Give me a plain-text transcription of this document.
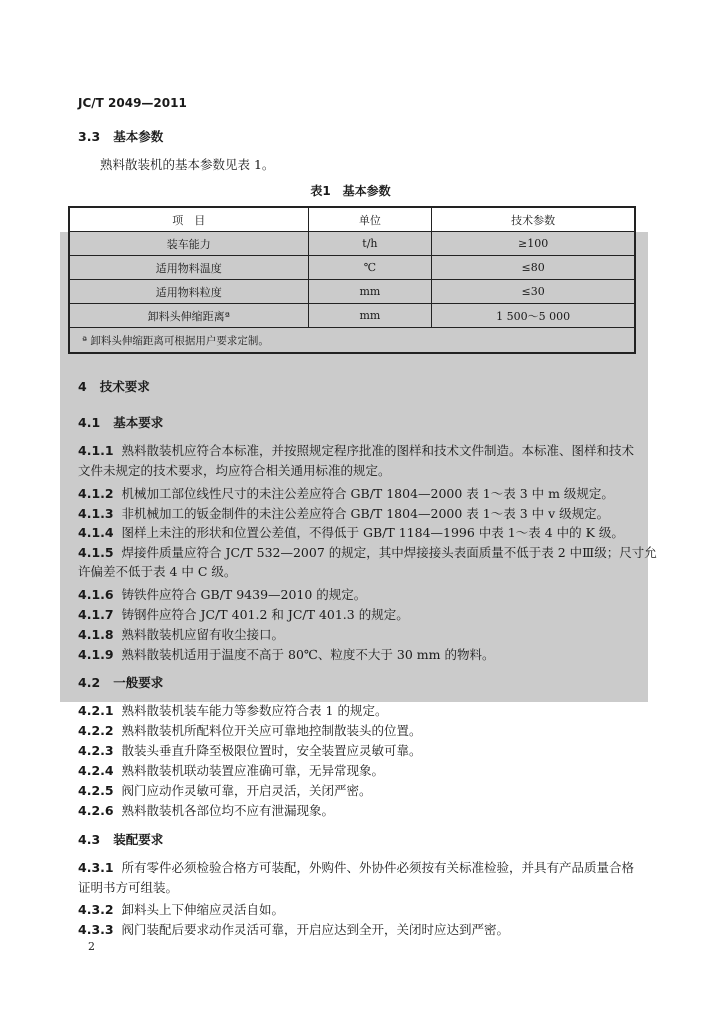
JC/T 2049—2011
3.3 基本参数
熟料散装机的基本参数见表 1。
表1　基本参数
项　目	单位	技术参数
装车能力	t/h	≥100
适用物料温度	℃	≤80
适用物料粒度	mm	≤30
卸料头伸缩距离ª	mm	1 500～5 000
ª 卸料头伸缩距离可根据用户要求定制。		
4 技术要求
4.1 基本要求
4.1.1 熟料散装机应符合本标准，并按照规定程序批准的图样和技术文件制造。本标准、图样和技术
文件未规定的技术要求，均应符合相关通用标准的规定。
4.1.2 机械加工部位线性尺寸的未注公差应符合 GB/T 1804—2000 表 1～表 3 中 m 级规定。
4.1.3 非机械加工的钣金制件的未注公差应符合 GB/T 1804—2000 表 1～表 3 中 v 级规定。
4.1.4 图样上未注的形状和位置公差值，不得低于 GB/T 1184—1996 中表 1～表 4 中的 K 级。
4.1.5 焊接件质量应符合 JC/T 532—2007 的规定，其中焊接接头表面质量不低于表 2 中Ⅲ级；尺寸允
许偏差不低于表 4 中 C 级。
4.1.6 铸铁件应符合 GB/T 9439—2010 的规定。
4.1.7 铸钢件应符合 JC/T 401.2 和 JC/T 401.3 的规定。
4.1.8 熟料散装机应留有收尘接口。
4.1.9 熟料散装机适用于温度不高于 80℃、粒度不大于 30 mm 的物料。
4.2 一般要求
4.2.1 熟料散装机装车能力等参数应符合表 1 的规定。
4.2.2 熟料散装机所配料位开关应可靠地控制散装头的位置。
4.2.3 散装头垂直升降至极限位置时，安全装置应灵敏可靠。
4.2.4 熟料散装机联动装置应准确可靠，无异常现象。
4.2.5 阀门应动作灵敏可靠，开启灵活，关闭严密。
4.2.6 熟料散装机各部位均不应有泄漏现象。
4.3 装配要求
4.3.1 所有零件必须检验合格方可装配，外购件、外协件必须按有关标准检验，并具有产品质量合格
证明书方可组装。
4.3.2 卸料头上下伸缩应灵活自如。
4.3.3 阀门装配后要求动作灵活可靠，开启应达到全开，关闭时应达到严密。
2
